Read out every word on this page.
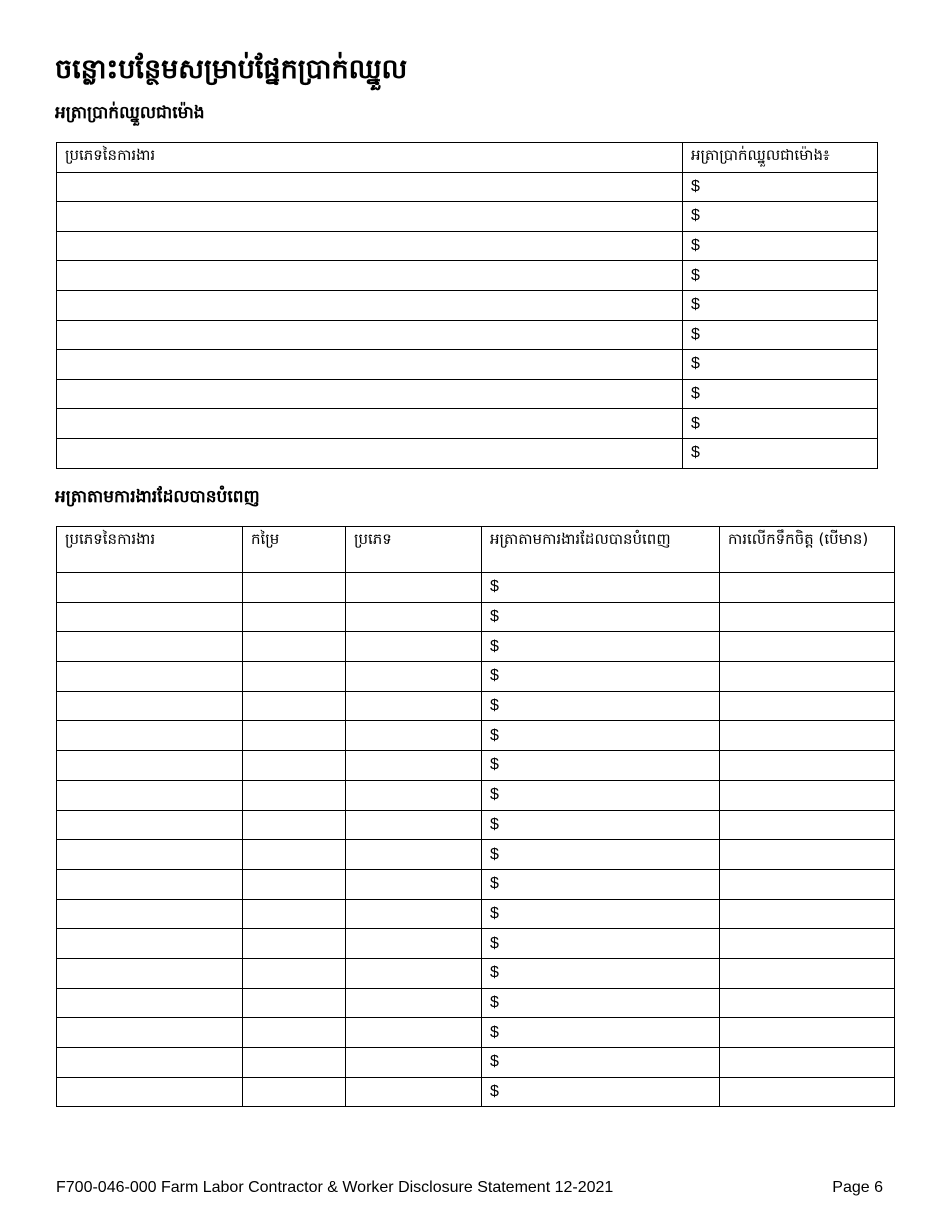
ចន្លោះបន្ថែមសម្រាប់ផ្នែកប្រាក់ឈ្នួល
អត្រាប្រាក់ឈ្នួលជាម៉ោង
ប្រភេទនៃការងារ	អត្រាប្រាក់ឈ្នួលជាម៉ោង៖
	$
	$
	$
	$
	$
	$
	$
	$
	$
	$
អត្រាតាមការងារដែលបានបំពេញ
ប្រភេទនៃការងារ	កម្រៃ	ប្រភេទ	អត្រាតាមការងារដែលបានបំពេញ	ការលើកទឹកចិត្ត (បើមាន)
			$	
			$	
			$	
			$	
			$	
			$	
			$	
			$	
			$	
			$	
			$	
			$	
			$	
			$	
			$	
			$	
			$	
			$	
F700-046-000 Farm Labor Contractor & Worker Disclosure Statement 12-2021	Page 6
